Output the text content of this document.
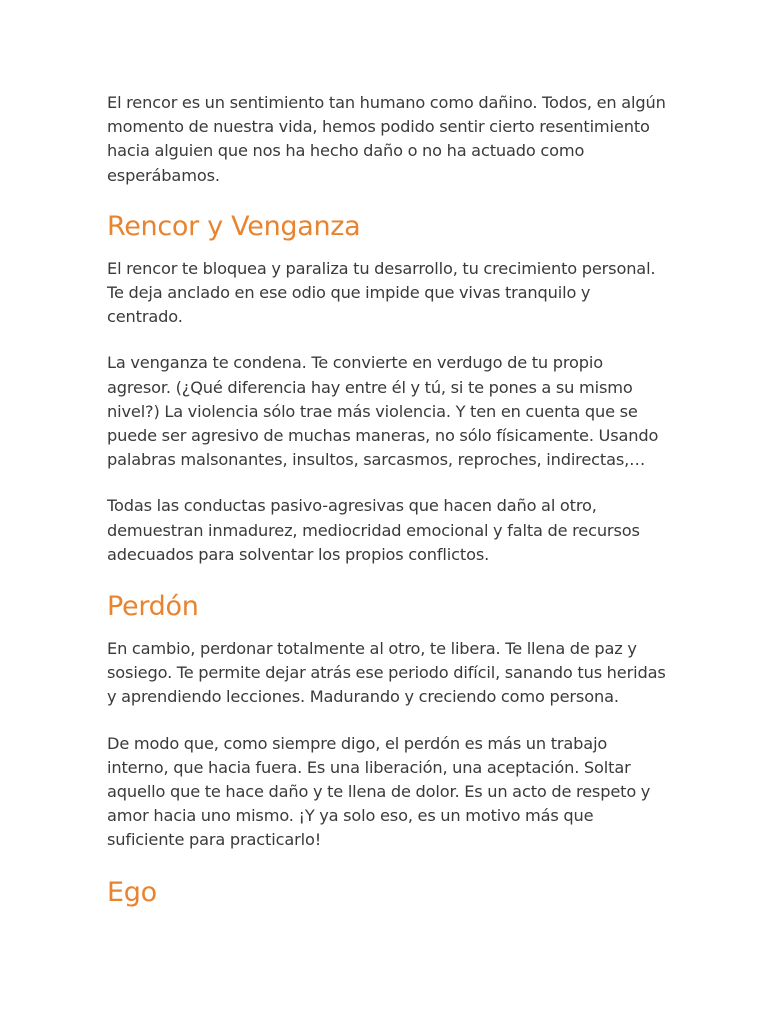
El rencor es un sentimiento tan humano como dañino. Todos, en algún momento de nuestra vida, hemos podido sentir cierto resentimiento hacia alguien que nos ha hecho daño o no ha actuado como esperábamos.

Rencor y Venganza

El rencor te bloquea y paraliza tu desarrollo, tu crecimiento personal. Te deja anclado en ese odio que impide que vivas tranquilo y centrado.

La venganza te condena. Te convierte en verdugo de tu propio agresor. (¿Qué diferencia hay entre él y tú, si te pones a su mismo nivel?) La violencia sólo trae más violencia. Y ten en cuenta que se puede ser agresivo de muchas maneras, no sólo físicamente. Usando palabras malsonantes, insultos, sarcasmos, reproches, indirectas,…

Todas las conductas pasivo-agresivas que hacen daño al otro, demuestran inmadurez, mediocridad emocional y falta de recursos adecuados para solventar los propios conflictos.

Perdón

En cambio, perdonar totalmente al otro, te libera. Te llena de paz y sosiego. Te permite dejar atrás ese periodo difícil, sanando tus heridas y aprendiendo lecciones. Madurando y creciendo como persona.

De modo que, como siempre digo, el perdón es más un trabajo interno, que hacia fuera. Es una liberación, una aceptación. Soltar aquello que te hace daño y te llena de dolor. Es un acto de respeto y amor hacia uno mismo. ¡Y ya solo eso, es un motivo más que suficiente para practicarlo!

Ego
